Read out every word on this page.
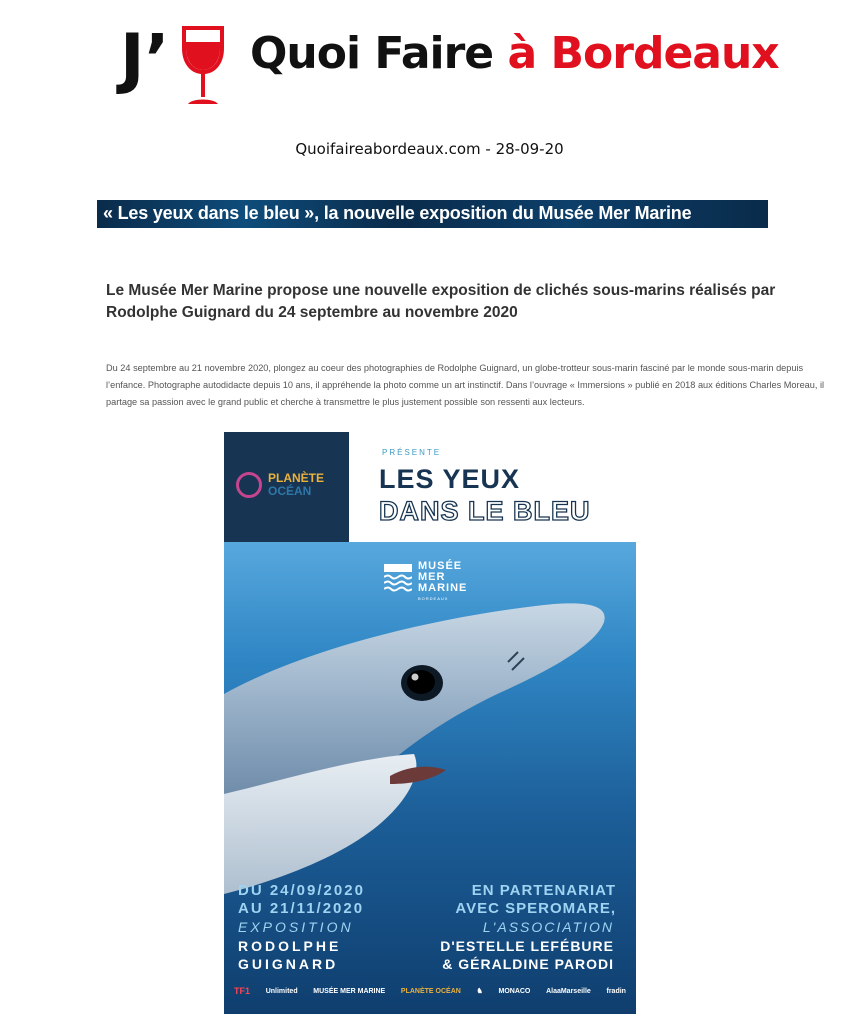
J’ Quoi Faire à Bordeaux
Quoifaireabordeaux.com - 28-09-20
« Les yeux dans le bleu », la nouvelle exposition du Musée Mer Marine
Le Musée Mer Marine propose une nouvelle exposition de clichés sous-marins réalisés par Rodolphe Guignard du 24 septembre au novembre 2020
Du 24 septembre au 21 novembre 2020, plongez au coeur des photographies de Rodolphe Guignard, un globe-trotteur sous-marin fasciné par le monde sous-marin depuis
l’enfance. Photographe autodidacte depuis 10 ans, il appréhende la photo comme un art instinctif. Dans l’ouvrage « Immersions » publié en 2018 aux éditions Charles Moreau, il
partage sa passion avec le grand public et cherche à transmettre le plus justement possible son ressenti aux lecteurs.
PLANÈTE
OCÉAN
PRÉSENTE
LES YEUX
DANS LE BLEU
MUSÉE
MER
MARINE
BORDEAUX
DU 24/09/2020
AU 21/11/2020
EXPOSITION
RODOLPHE
GUIGNARD
EN PARTENARIAT
AVEC SPEROMARE,
L'ASSOCIATION
D'ESTELLE LEFÉBURE
& GÉRALDINE PARODI
TF1 Unlimited MUSÉE MER MARINE PLANÈTE OCÉAN ♞ MONACO AlaaMarseille fradin
